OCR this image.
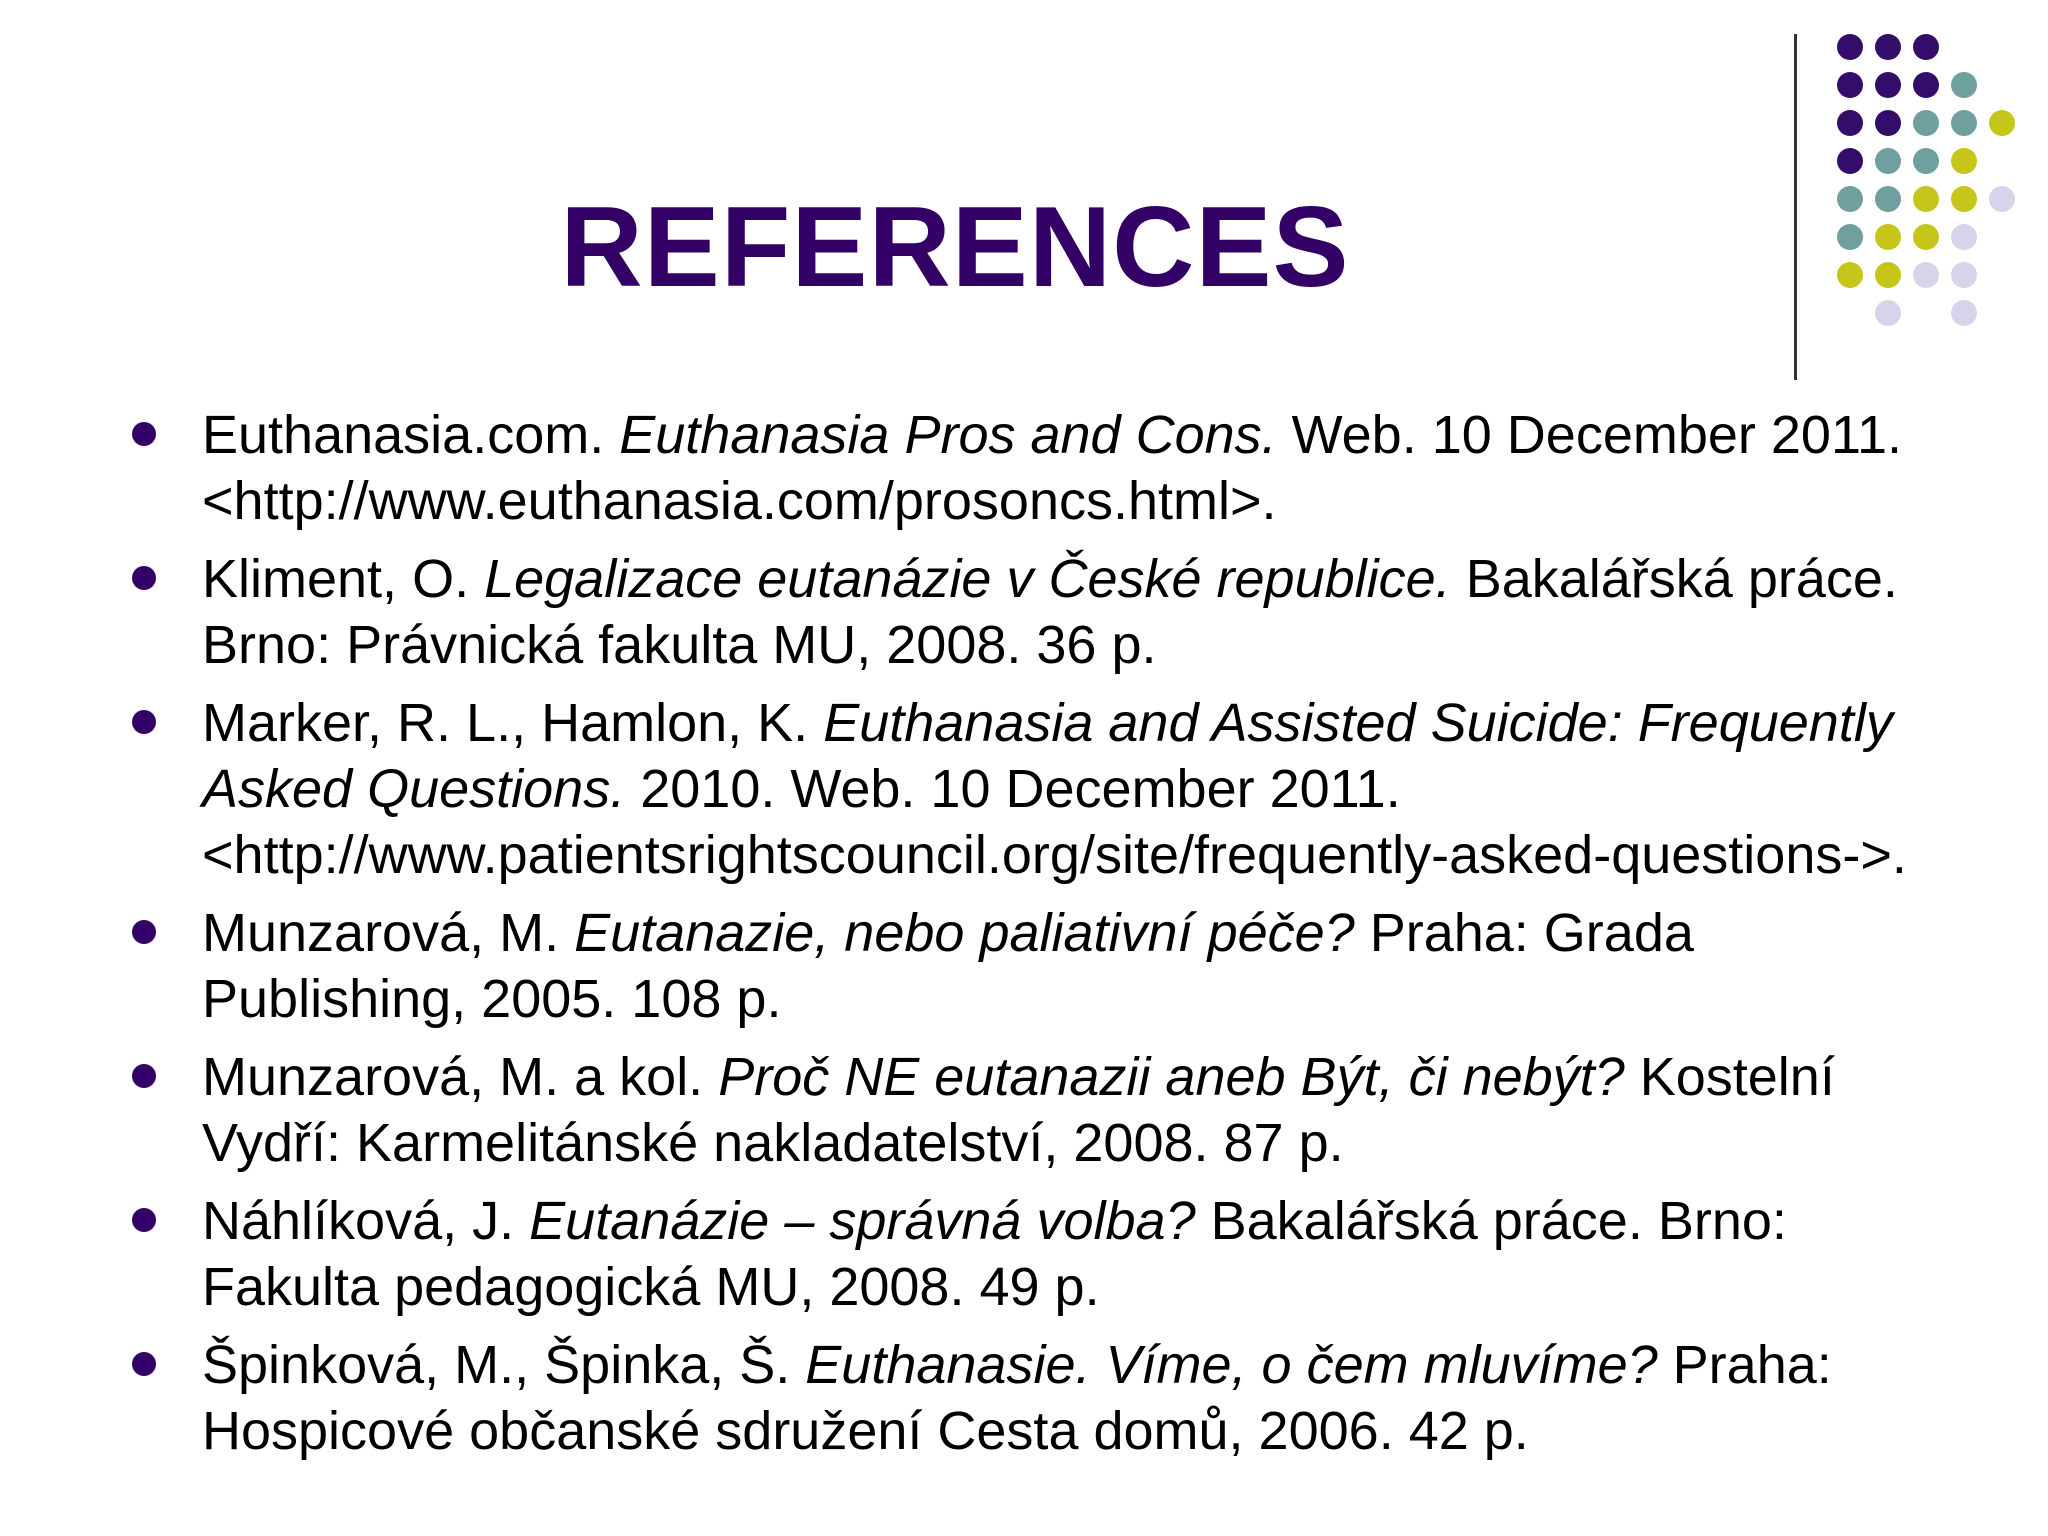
REFERENCES
Euthanasia.com. Euthanasia Pros and Cons. Web. 10 December 2011. <http://www.euthanasia.com/prosoncs.html>.
Kliment, O. Legalizace eutanázie v České republice. Bakalářská práce. Brno: Právnická fakulta MU, 2008. 36 p.
Marker, R. L., Hamlon, K. Euthanasia and Assisted Suicide: Frequently Asked Questions. 2010. Web. 10 December 2011. <http://www.patientsrightscouncil.org/site/frequently-asked-questions->.
Munzarová, M. Eutanazie, nebo paliativní péče? Praha: Grada Publishing, 2005. 108 p.
Munzarová, M. a kol. Proč NE eutanazii aneb Být, či nebýt? Kostelní Vydří: Karmelitánské nakladatelství, 2008. 87 p.
Náhlíková, J. Eutanázie – správná volba? Bakalářská práce. Brno: Fakulta pedagogická MU, 2008. 49 p.
Špinková, M., Špinka, Š. Euthanasie. Víme, o čem mluvíme? Praha: Hospicové občanské sdružení Cesta domů, 2006. 42 p.
